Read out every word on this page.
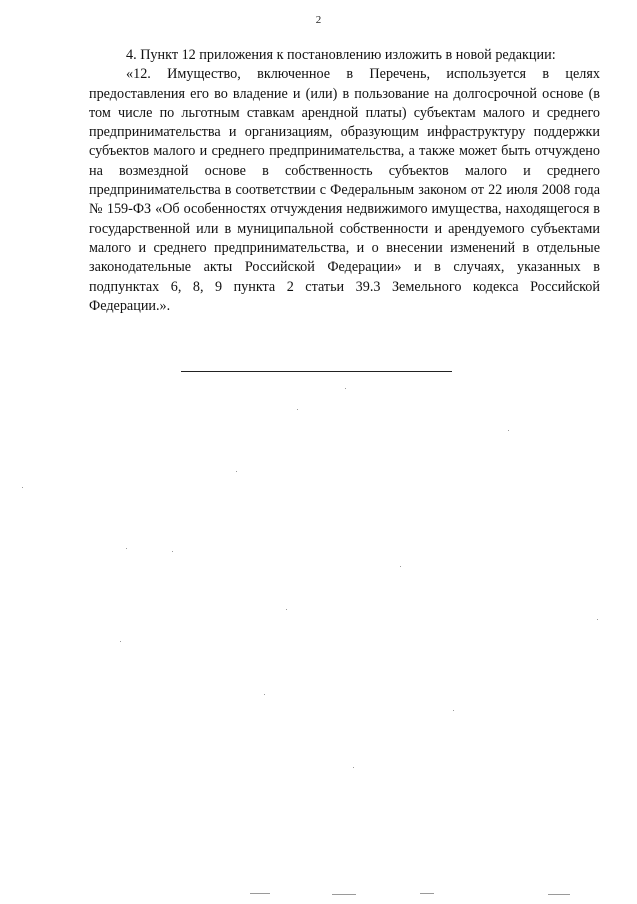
2

4. Пункт 12 приложения к постановлению изложить в новой редакции:

«12. Имущество, включенное в Перечень, используется в целях предоставления его во владение и (или) в пользование на долгосрочной основе (в том числе по льготным ставкам арендной платы) субъектам малого и среднего предпринимательства и организациям, образующим инфраструктуру поддержки субъектов малого и среднего предпринимательства, а также может быть отчуждено на возмездной основе в собственность субъектов малого и среднего предпринимательства в соответствии с Федеральным законом от 22 июля 2008 года № 159-ФЗ «Об особенностях отчуждения недвижимого имущества, находящегося в государственной или в муниципальной собственности и арендуемого субъектами малого и среднего предпринимательства, и о внесении изменений в отдельные законодательные акты Российской Федерации» и в случаях, указанных в подпунктах 6, 8, 9 пункта 2 статьи 39.3 Земельного кодекса Российской Федерации.».
